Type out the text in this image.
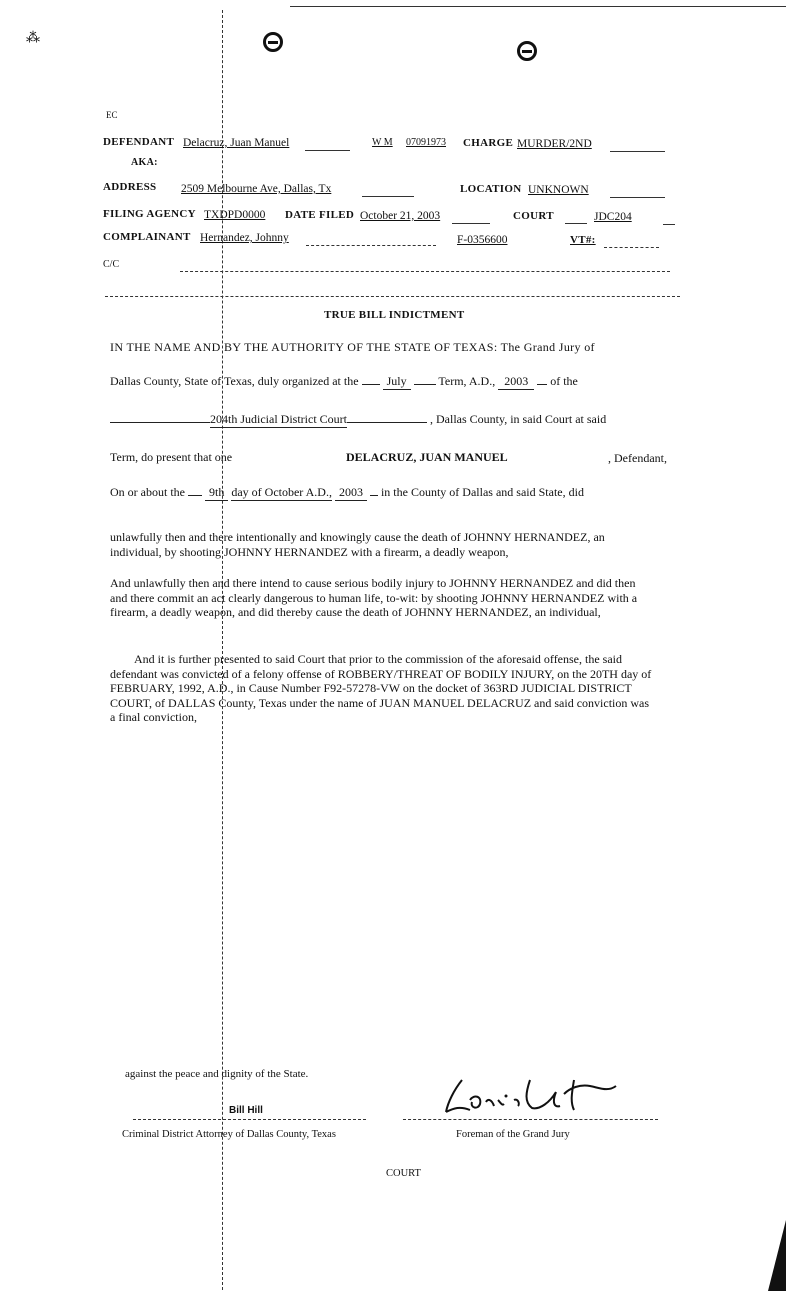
⁂
EC
DEFENDANT Delacruz, Juan Manuel	W M 07091973 CHARGE MURDER/2ND
AKA:
ADDRESS 2509 Melbourne Ave, Dallas, Tx	LOCATION UNKNOWN
FILING AGENCY TXDPD0000 DATE FILED October 21, 2003	COURT	JDC204
COMPLAINANT Hernandez, Johnny	F-0356600	VT#:
C/C
TRUE BILL INDICTMENT
IN THE NAME AND BY THE AUTHORITY OF THE STATE OF TEXAS: The Grand Jury of
Dallas County, State of Texas, duly organized at the July	Term, A.D., 2003 of the
204th Judicial District Court	, Dallas County, in said Court at said
Term, do present that one	DELACRUZ, JUAN MANUEL	, Defendant,
On or about the 9th day of October A.D., 2003 in the County of Dallas and said State, did
unlawfully then and there intentionally and knowingly cause the death of JOHNNY HERNANDEZ, an individual, by shooting JOHNNY HERNANDEZ with a firearm, a deadly weapon,
And unlawfully then and there intend to cause serious bodily injury to JOHNNY HERNANDEZ and did then and there commit an act clearly dangerous to human life, to-wit: by shooting JOHNNY HERNANDEZ with a firearm, a deadly weapon, and did thereby cause the death of JOHNNY HERNANDEZ, an individual,
And it is further presented to said Court that prior to the commission of the aforesaid offense, the said defendant was convicted of a felony offense of ROBBERY/THREAT OF BODILY INJURY, on the 20TH day of FEBRUARY, 1992, A.D., in Cause Number F92-57278-VW on the docket of 363RD JUDICIAL DISTRICT COURT, of DALLAS County, Texas under the name of JUAN MANUEL DELACRUZ and said conviction was a final conviction,
against the peace and dignity of the State.
Bill Hill
Criminal District Attorney of Dallas County, Texas	Foreman of the Grand Jury
COURT
